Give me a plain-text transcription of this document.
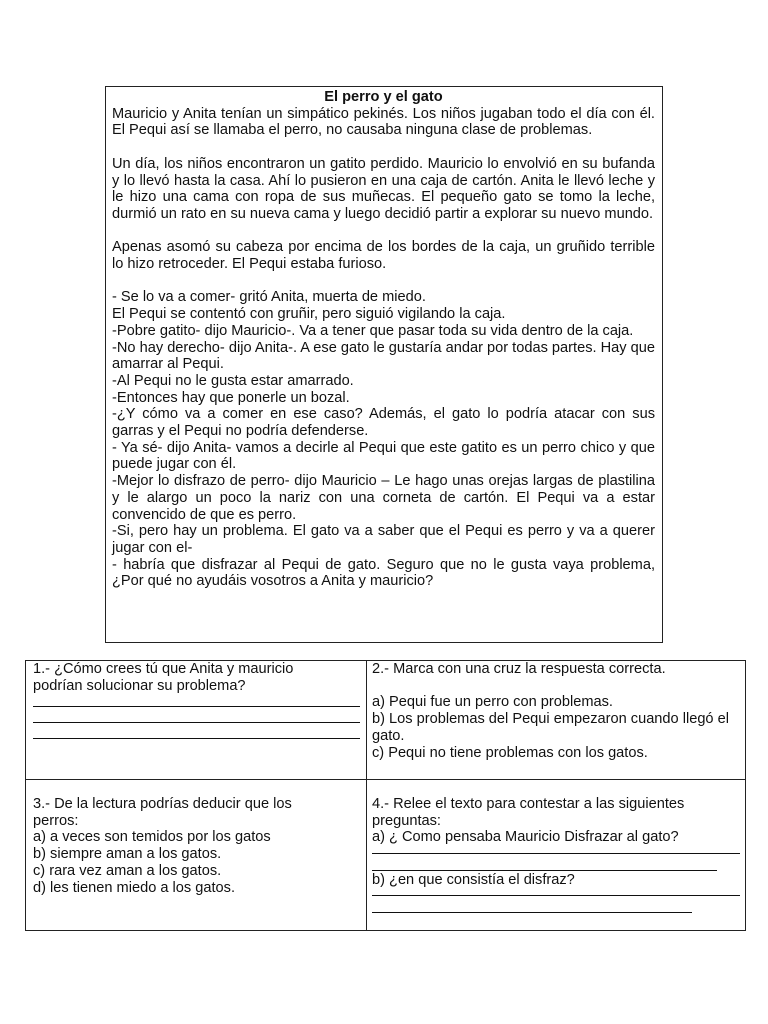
El perro y el gato

Mauricio y Anita tenían un simpático pekinés. Los niños jugaban todo el día con él. El Pequi así se llamaba el perro, no causaba ninguna clase de problemas.

Un día, los niños encontraron un gatito perdido. Mauricio lo envolvió en su bufanda y lo llevó hasta la casa. Ahí lo pusieron en una caja de cartón. Anita le llevó leche y le hizo una cama con ropa de sus muñecas. El pequeño gato se tomo la leche, durmió un rato en su nueva cama y luego decidió partir a explorar su nuevo mundo.

Apenas asomó su cabeza por encima de los bordes de la caja, un gruñido terrible lo hizo retroceder. El Pequi estaba furioso.

- Se lo va a comer- gritó Anita, muerta de miedo.

El Pequi se contentó con gruñir, pero siguió vigilando la caja.

-Pobre gatito- dijo Mauricio-. Va a tener que pasar toda su vida dentro de la caja.

-No hay derecho- dijo Anita-. A ese gato le gustaría andar por todas partes. Hay que amarrar al Pequi.

-Al Pequi no le gusta estar amarrado.

-Entonces hay que ponerle un bozal.

-¿Y cómo va a comer en ese caso? Además, el gato lo podría atacar con sus garras y el Pequi no podría defenderse.

- Ya sé- dijo Anita- vamos a decirle al Pequi que este gatito es un perro chico y que puede jugar con él.

-Mejor lo disfrazo de perro- dijo Mauricio – Le hago unas orejas largas de plastilina y le alargo un poco la nariz con una corneta de cartón. El Pequi va a estar convencido de que es perro.

-Si, pero hay un problema. El gato va a saber que el Pequi es perro y va a querer jugar con el-

- habría que disfrazar al Pequi de gato. Seguro que no le gusta vaya problema, ¿Por qué no ayudáis vosotros a Anita y mauricio?

1.- ¿Cómo crees tú que Anita y mauricio
podrían solucionar su problema?
2.- Marca con una cruz la respuesta correcta.
a) Pequi fue un perro con problemas.
b) Los problemas del Pequi empezaron cuando llegó el gato.
c) Pequi no tiene problemas con los gatos.
3.- De la lectura podrías deducir que los
perros:
a) a veces son temidos por los gatos
b) siempre aman a los gatos.
c) rara vez aman a los gatos.
d) les tienen miedo a los gatos.
4.- Relee el texto para contestar a las siguientes
preguntas:
a) ¿ Como pensaba Mauricio Disfrazar al gato?
b) ¿en que consistía el disfraz?
